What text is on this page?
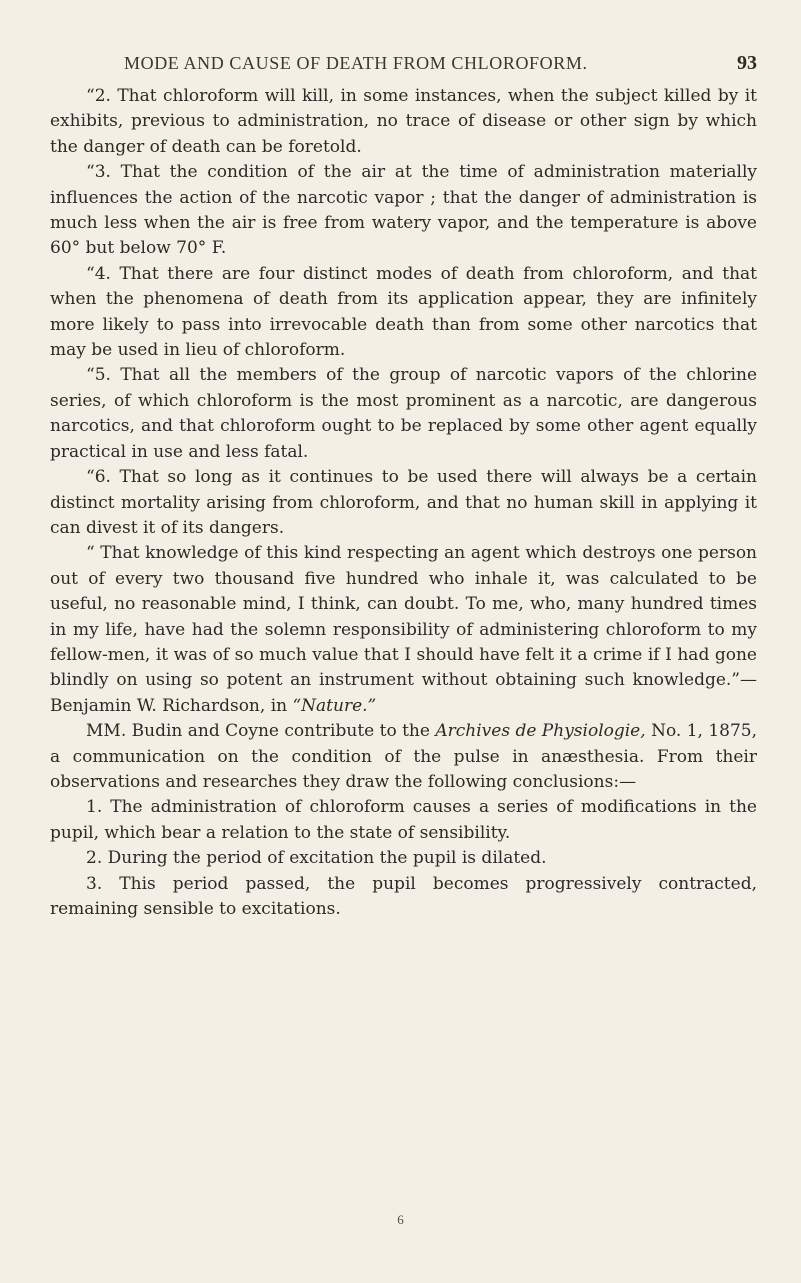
MODE AND CAUSE OF DEATH FROM CHLOROFORM.	93

“2. That chloroform will kill, in some instances, when the subject killed by it exhibits, previous to administration, no trace of disease or other sign by which the danger of death can be foretold.

“3. That the condition of the air at the time of administration materially influences the action of the narcotic vapor ; that the danger of administration is much less when the air is free from watery vapor, and the temperature is above 60° but below 70° F.

“4. That there are four distinct modes of death from chloroform, and that when the phenomena of death from its application appear, they are infinitely more likely to pass into irrevocable death than from some other narcotics that may be used in lieu of chloroform.

“5. That all the members of the group of narcotic vapors of the chlorine series, of which chloroform is the most prominent as a narcotic, are dangerous narcotics, and that chloroform ought to be replaced by some other agent equally practical in use and less fatal.

“6. That so long as it continues to be used there will always be a certain distinct mortality arising from chloroform, and that no human skill in applying it can divest it of its dangers.

“ That knowledge of this kind respecting an agent which destroys one person out of every two thousand five hundred who inhale it, was calculated to be useful, no reasonable mind, I think, can doubt. To me, who, many hundred times in my life, have had the solemn responsibility of administering chloroform to my fellow-men, it was of so much value that I should have felt it a crime if I had gone blindly on using so potent an instrument without obtaining such knowledge.”—Benjamin W. Richardson, in “Nature.”

MM. Budin and Coyne contribute to the Archives de Physiologie, No. 1, 1875, a communication on the condition of the pulse in anæsthesia. From their observations and researches they draw the following conclusions:—

1. The administration of chloroform causes a series of modifications in the pupil, which bear a relation to the state of sensibility.

2. During the period of excitation the pupil is dilated.

3. This period passed, the pupil becomes progressively contracted, remaining sensible to excitations.

6
